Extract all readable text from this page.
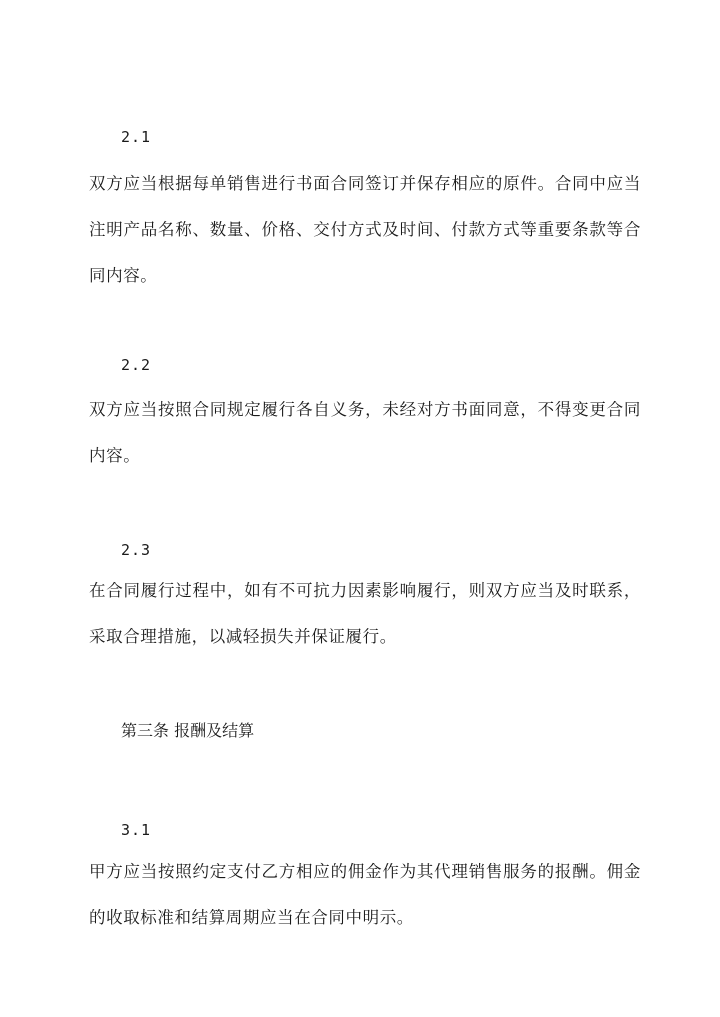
2.1

双方应当根据每单销售进行书面合同签订并保存相应的原件。合同中应当注明产品名称、数量、价格、交付方式及时间、付款方式等重要条款等合同内容。

2.2

双方应当按照合同规定履行各自义务，未经对方书面同意，不得变更合同内容。

2.3

在合同履行过程中，如有不可抗力因素影响履行，则双方应当及时联系，采取合理措施，以减轻损失并保证履行。

第三条 报酬及结算
3.1

甲方应当按照约定支付乙方相应的佣金作为其代理销售服务的报酬。佣金的收取标准和结算周期应当在合同中明示。
